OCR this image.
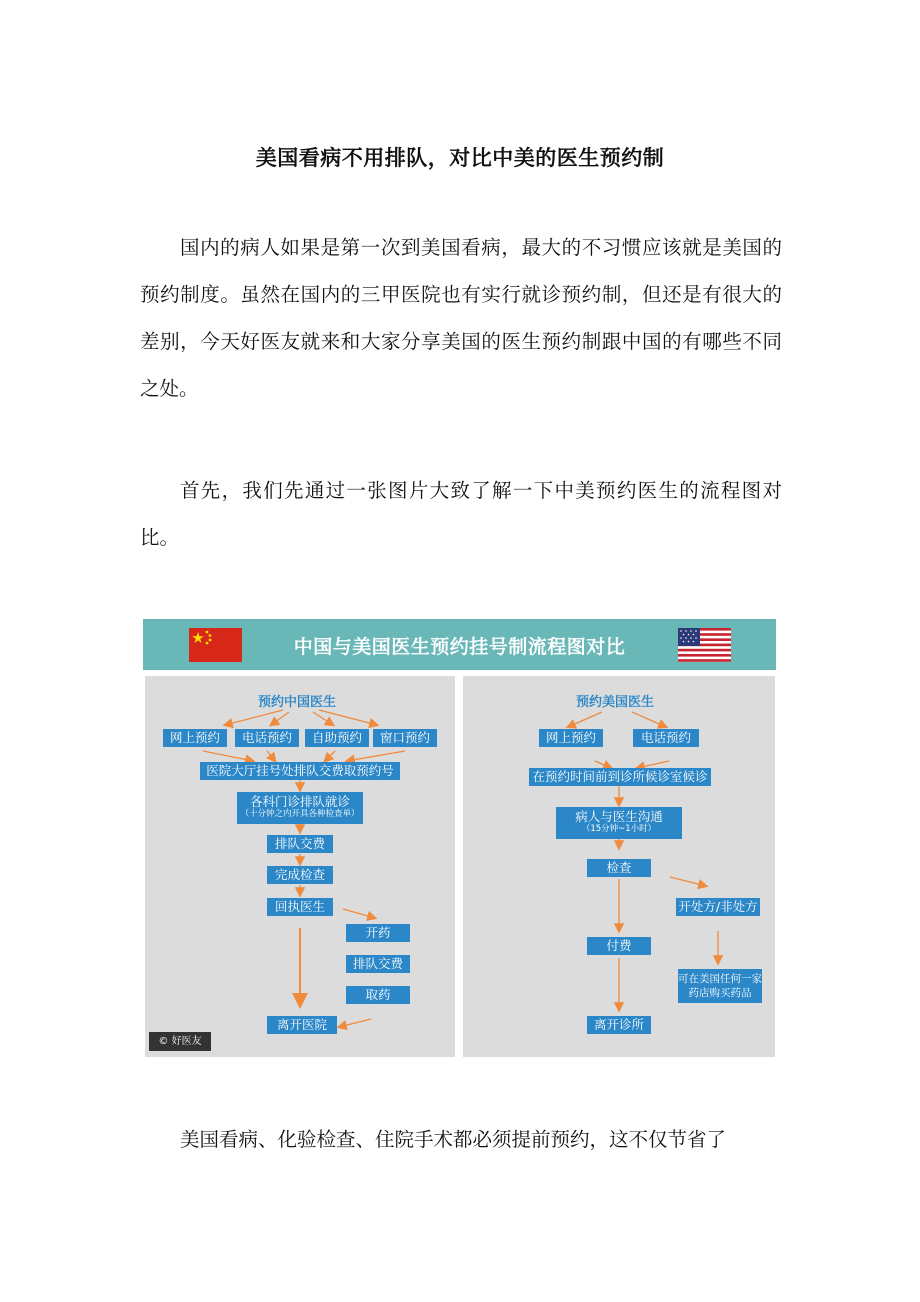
美国看病不用排队，对比中美的医生预约制

国内的病人如果是第一次到美国看病，最大的不习惯应该就是美国的预约制度。虽然在国内的三甲医院也有实行就诊预约制，但还是有很大的差别，今天好医友就来和大家分享美国的医生预约制跟中国的有哪些不同之处。

首先，我们先通过一张图片大致了解一下中美预约医生的流程图对比。

中国与美国医生预约挂号制流程图对比
预约中国医生
网上预约	电话预约	自助预约	窗口预约
医院大厅挂号处排队交费取预约号
各科门诊排队就诊
（十分钟之内开具各种检查单）
排队交费
完成检查
回执医生
开药
排队交费
取药
离开医院
© 好医友
预约美国医生
网上预约	电话预约
在预约时间前到诊所候诊室候诊
病人与医生沟通
（15分钟~1小时）
检查
开处方/非处方
可在美国任何一家药店购买药品
付费
离开诊所

美国看病、化验检查、住院手术都必须提前预约，这不仅节省了
